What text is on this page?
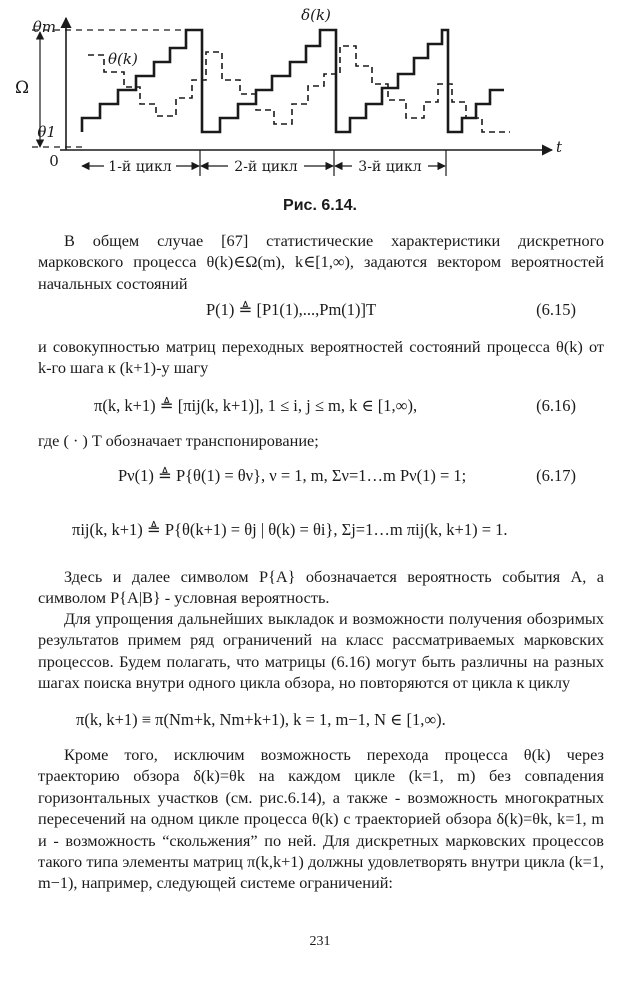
1-й цикл	2-й цикл	3-й цикл
θm
θ1
Ω
0
t
δ(k)
θ(k)
Рис. 6.14.
В общем случае [67] статистические характеристики дискретного марковского процесса θ(k)∈Ω(m), k∈[1,∞), задаются вектором вероятностей начальных состояний
P(1) ≜ [P1(1),...,Pm(1)]T	(6.15)
и совокупностью матриц переходных вероятностей состояний процесса θ(k) от k-го шага к (k+1)-у шагу
π(k, k+1) ≜ [πij(k, k+1)], 1 ≤ i, j ≤ m, k ∈ [1,∞),	(6.16)
где ( · ) T обозначает транспонирование;
Pν(1) ≜ P{θ(1) = θν}, ν = 1, m, Σν=1…m Pν(1) = 1;	(6.17)
πij(k, k+1) ≜ P{θ(k+1) = θj | θ(k) = θi}, Σj=1…m πij(k, k+1) = 1.
Здесь и далее символом P{A} обозначается вероятность события A, а символом P{A|B} - условная вероятность.
Для упрощения дальнейших выкладок и возможности получения обозримых результатов примем ряд ограничений на класс рассматриваемых марковских процессов. Будем полагать, что матрицы (6.16) могут быть различны на разных шагах поиска внутри одного цикла обзора, но повторяются от цикла к циклу
π(k, k+1) ≡ π(Nm+k, Nm+k+1), k = 1, m−1, N ∈ [1,∞).
Кроме того, исключим возможность перехода процесса θ(k) через траекторию обзора δ(k)=θk на каждом цикле (k=1, m) без совпадения горизонтальных участков (см. рис.6.14), а также - возможность многократных пересечений на одном цикле процесса θ(k) с траекторией обзора δ(k)=θk, k=1, m и - возможность “скольжения” по ней. Для дискретных марковских процессов такого типа элементы матриц π(k,k+1) должны удовлетворять внутри цикла (k=1, m−1), например, следующей системе ограничений:
231
